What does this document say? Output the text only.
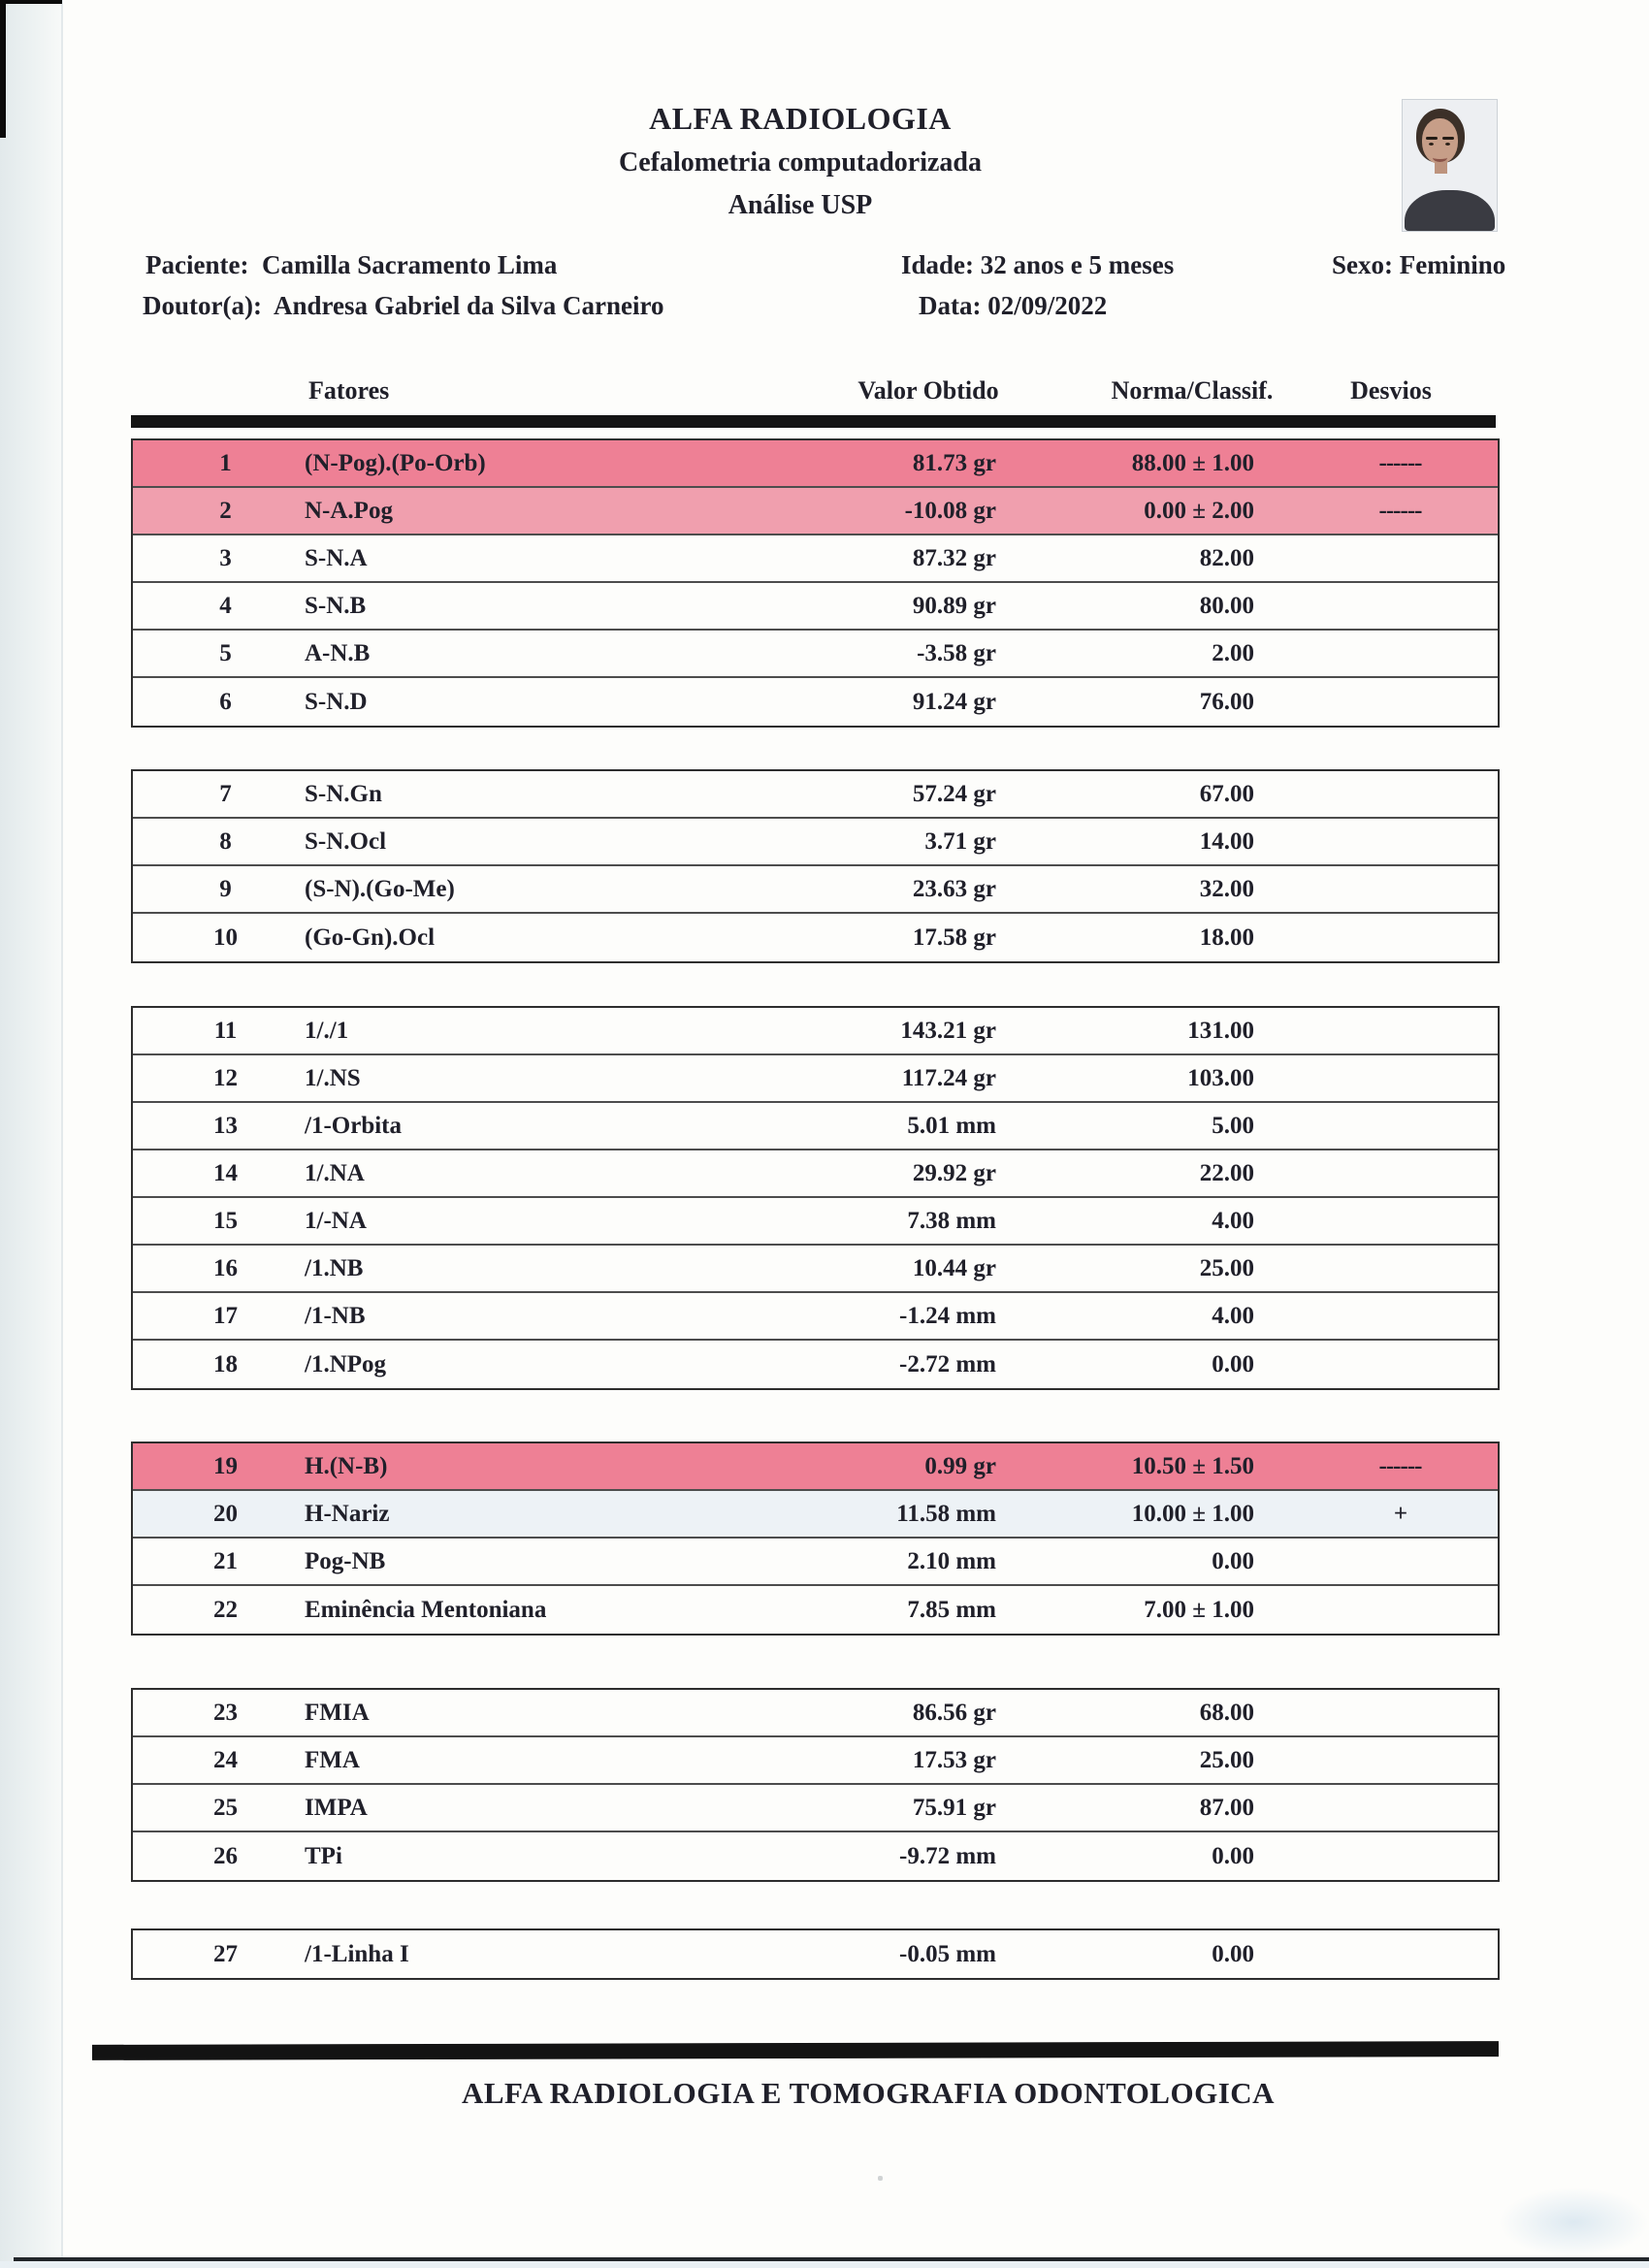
ALFA RADIOLOGIA
Cefalometria computadorizada
Análise USP
Paciente: Camilla Sacramento Lima	Idade: 32 anos e 5 meses	Sexo: Feminino
Doutor(a): Andresa Gabriel da Silva Carneiro	Data: 02/09/2022
Fatores	Valor Obtido	Norma/Classif.	Desvios
1	(N-Pog).(Po-Orb)	81.73 gr	88.00 ± 1.00	------
2	N-A.Pog	-10.08 gr	0.00 ± 2.00	------
3	S-N.A	87.32 gr	82.00
4	S-N.B	90.89 gr	80.00
5	A-N.B	-3.58 gr	2.00
6	S-N.D	91.24 gr	76.00
7	S-N.Gn	57.24 gr	67.00
8	S-N.Ocl	3.71 gr	14.00
9	(S-N).(Go-Me)	23.63 gr	32.00
10	(Go-Gn).Ocl	17.58 gr	18.00
11	1/./1	143.21 gr	131.00
12	1/.NS	117.24 gr	103.00
13	/1-Orbita	5.01 mm	5.00
14	1/.NA	29.92 gr	22.00
15	1/-NA	7.38 mm	4.00
16	/1.NB	10.44 gr	25.00
17	/1-NB	-1.24 mm	4.00
18	/1.NPog	-2.72 mm	0.00
19	H.(N-B)	0.99 gr	10.50 ± 1.50	------
20	H-Nariz	11.58 mm	10.00 ± 1.00	+
21	Pog-NB	2.10 mm	0.00
22	Eminência Mentoniana	7.85 mm	7.00 ± 1.00
23	FMIA	86.56 gr	68.00
24	FMA	17.53 gr	25.00
25	IMPA	75.91 gr	87.00
26	TPi	-9.72 mm	0.00
27	/1-Linha I	-0.05 mm	0.00
ALFA RADIOLOGIA E TOMOGRAFIA ODONTOLOGICA
